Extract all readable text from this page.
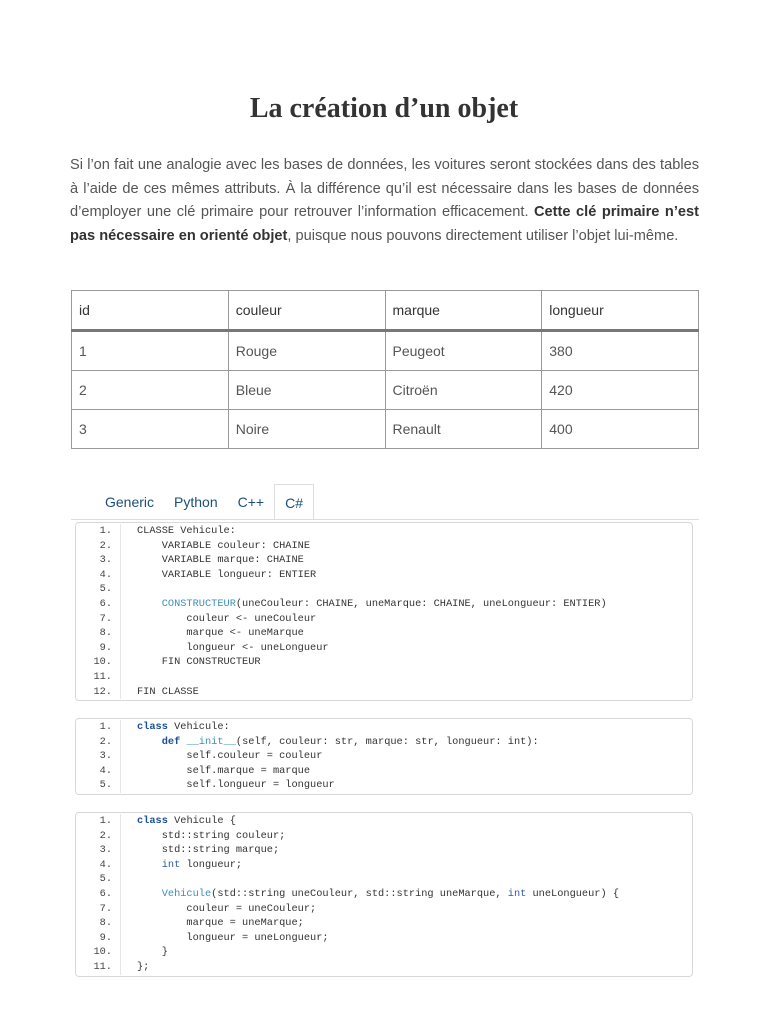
La création d’un objet

Si l’on fait une analogie avec les bases de données, les voitures seront stockées dans des tables à l’aide de ces mêmes attributs. À la différence qu’il est nécessaire dans les bases de données d’employer une clé primaire pour retrouver l’information efficacement. Cette clé primaire n’est pas nécessaire en orienté objet, puisque nous pouvons directement utiliser l’objet lui-même.

id	couleur	marque	longueur
1	Rouge	Peugeot	380
2	Bleue	Citroën	420
3	Noire	Renault	400
Generic	Python	C++	C#
1.	CLASSE Vehicule:
2.	VARIABLE couleur: CHAINE
3.	VARIABLE marque: CHAINE
4.	VARIABLE longueur: ENTIER
5.
6.	CONSTRUCTEUR(uneCouleur: CHAINE, uneMarque: CHAINE, uneLongueur: ENTIER)
7.	couleur <- uneCouleur
8.	marque <- uneMarque
9.	longueur <- uneLongueur
10.	FIN CONSTRUCTEUR
11.
12.	FIN CLASSE
1.	class Vehicule:
2.	def __init__(self, couleur: str, marque: str, longueur: int):
3.	self.couleur = couleur
4.	self.marque = marque
5.	self.longueur = longueur
1.	class Vehicule {
2.	std::string couleur;
3.	std::string marque;
4.	int longueur;
5.
6.	Vehicule(std::string uneCouleur, std::string uneMarque, int uneLongueur) {
7.	couleur = uneCouleur;
8.	marque = uneMarque;
9.	longueur = uneLongueur;
10.	}
11.	};
